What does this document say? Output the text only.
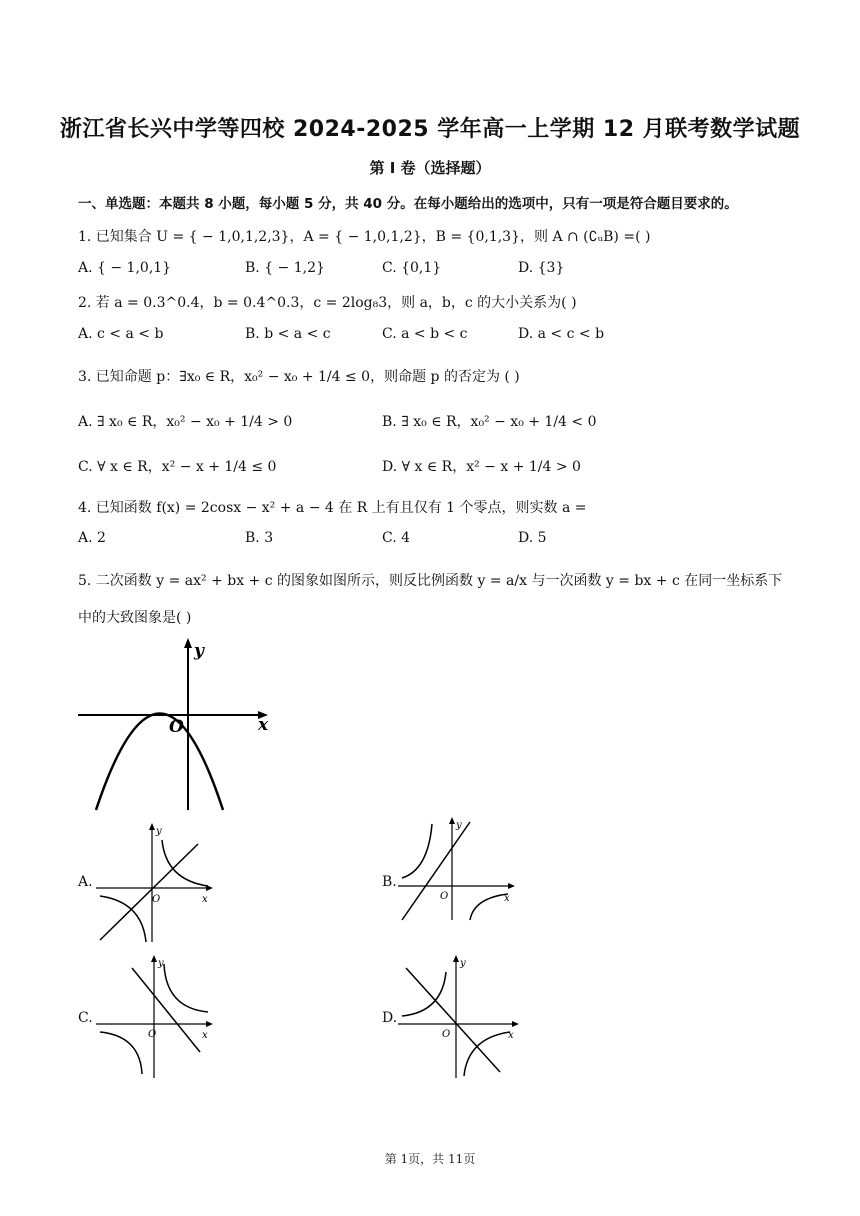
浙江省长兴中学等四校 2024-2025 学年高一上学期 12 月联考数学试题
第 I 卷（选择题）
一、单选题：本题共 8 小题，每小题 5 分，共 40 分。在每小题给出的选项中，只有一项是符合题目要求的。
1. 已知集合 U = { − 1,0,1,2,3}，A = { − 1,0,1,2}，B = {0,1,3}，则 A ∩ (∁ᵤB) =( )
A. { − 1,0,1}	B. { − 1,2}	C. {0,1}	D. {3}
2. 若 a = 0.3^0.4，b = 0.4^0.3，c = 2log₈3，则 a，b，c 的大小关系为( )
A. c < a < b	B. b < a < c	C. a < b < c	D. a < c < b
3. 已知命题 p：∃x₀ ∈ R，x₀² − x₀ + 1/4 ≤ 0，则命题 p 的否定为 ( )
A. ∃ x₀ ∈ R，x₀² − x₀ + 1/4 > 0	B. ∃ x₀ ∈ R，x₀² − x₀ + 1/4 < 0
C. ∀ x ∈ R，x² − x + 1/4 ≤ 0	D. ∀ x ∈ R，x² − x + 1/4 > 0
4. 已知函数 f(x) = 2cosx − x² + a − 4 在 R 上有且仅有 1 个零点，则实数 a =
A. 2	B. 3	C. 4	D. 5
5. 二次函数 y = ax² + bx + c 的图象如图所示，则反比例函数 y = a/x 与一次函数 y = bx + c 在同一坐标系下
中的大致图象是( )
x
y
O
A.
y
x
O
B.
y
x
O
C.
y
x
O
D.
y
x
O
第 1页，共 11页
